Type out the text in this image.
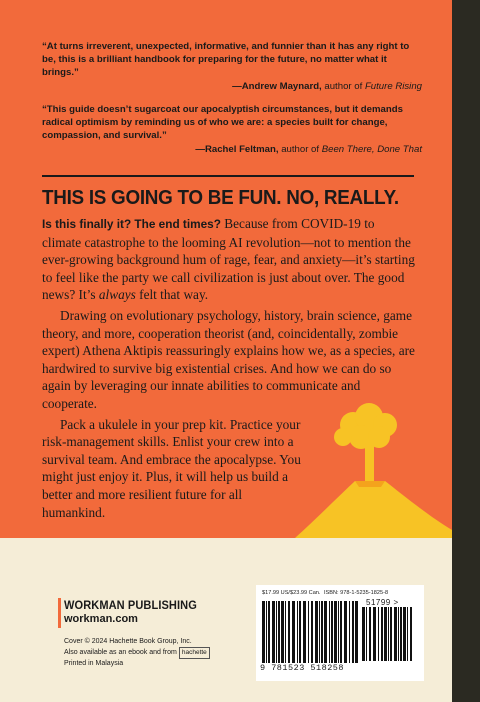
“At turns irreverent, unexpected, informative, and funnier than it has any right to be, this is a brilliant handbook for preparing for the future, no matter what it brings.”
—Andrew Maynard, author of Future Rising
“This guide doesn’t sugarcoat our apocalyptish circumstances, but it demands radical optimism by reminding us of who we are: a species built for change, compassion, and survival.”
—Rachel Feltman, author of Been There, Done That
THIS IS GOING TO BE FUN. NO, REALLY.

Is this finally it? The end times? Because from COVID-19 to climate catastrophe to the looming AI revolution—not to mention the ever-growing background hum of rage, fear, and anxiety—it’s starting to feel like the party we call civilization is just about over. The good news? It’s always felt that way.

Drawing on evolutionary psychology, history, brain science, game theory, and more, cooperation theorist (and, coincidentally, zombie expert) Athena Aktipis reassuringly explains how we, as a species, are hardwired to survive big existential crises. And how we can do so again by leveraging our innate abilities to communicate and cooperate.

Pack a ukulele in your prep kit. Practice your risk-management skills. Enlist your crew into a survival team. And embrace the apocalypse. You might just enjoy it. Plus, it will help us build a better and more resilient future for all humankind.

WORKMAN PUBLISHING
workman.com
Cover © 2024 Hachette Book Group, Inc.
Also available as an ebook and from hachette
Printed in Malaysia
$17.99 US/$23.99 Can. ISBN: 978-1-5235-1825-8
51799 >
9 781523 518258
